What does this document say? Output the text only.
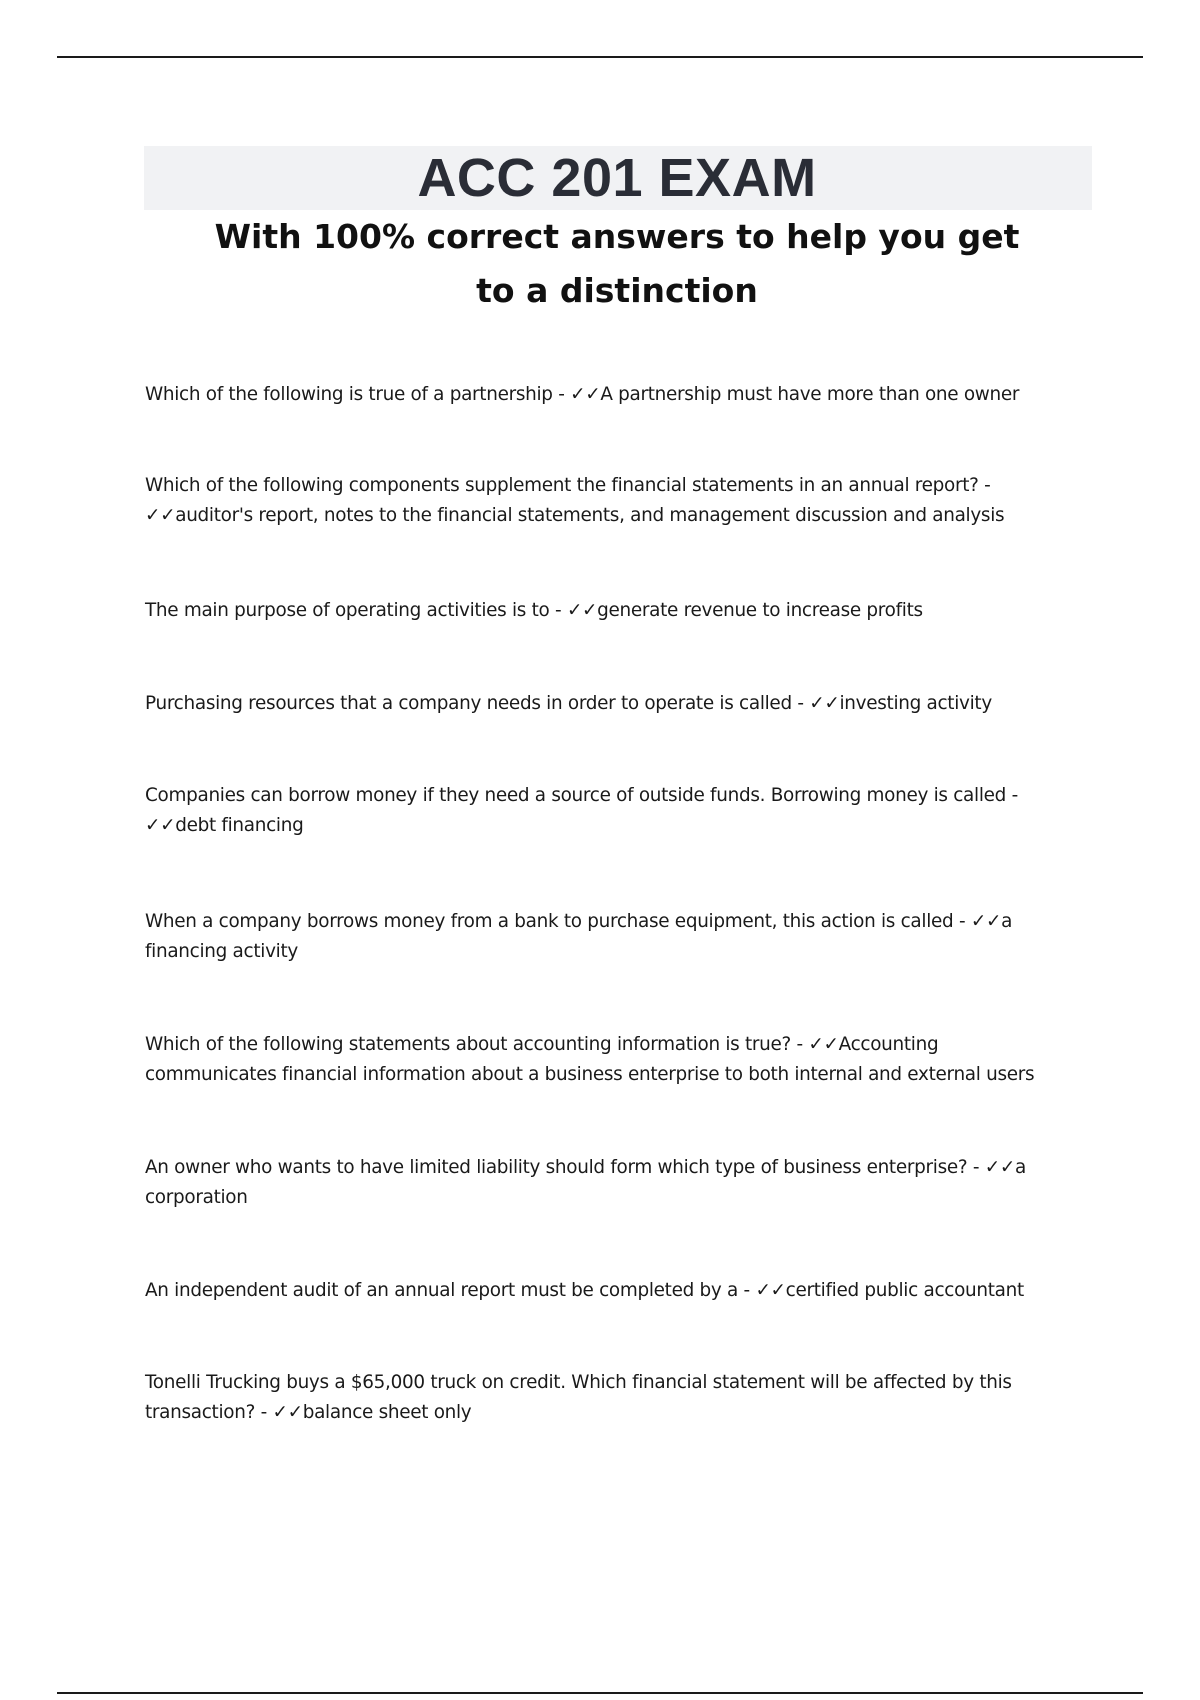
ACC 201 EXAM
With 100% correct answers to help you get to a distinction
Which of the following is true of a partnership - ✓✓A partnership must have more than one owner
Which of the following components supplement the financial statements in an annual report? -
✓✓auditor's report, notes to the financial statements, and management discussion and analysis
The main purpose of operating activities is to - ✓✓generate revenue to increase profits
Purchasing resources that a company needs in order to operate is called - ✓✓investing activity
Companies can borrow money if they need a source of outside funds. Borrowing money is called -
✓✓debt financing
When a company borrows money from a bank to purchase equipment, this action is called - ✓✓a financing activity
Which of the following statements about accounting information is true? - ✓✓Accounting communicates financial information about a business enterprise to both internal and external users
An owner who wants to have limited liability should form which type of business enterprise? - ✓✓a corporation
An independent audit of an annual report must be completed by a - ✓✓certified public accountant
Tonelli Trucking buys a $65,000 truck on credit. Which financial statement will be affected by this transaction? - ✓✓balance sheet only
